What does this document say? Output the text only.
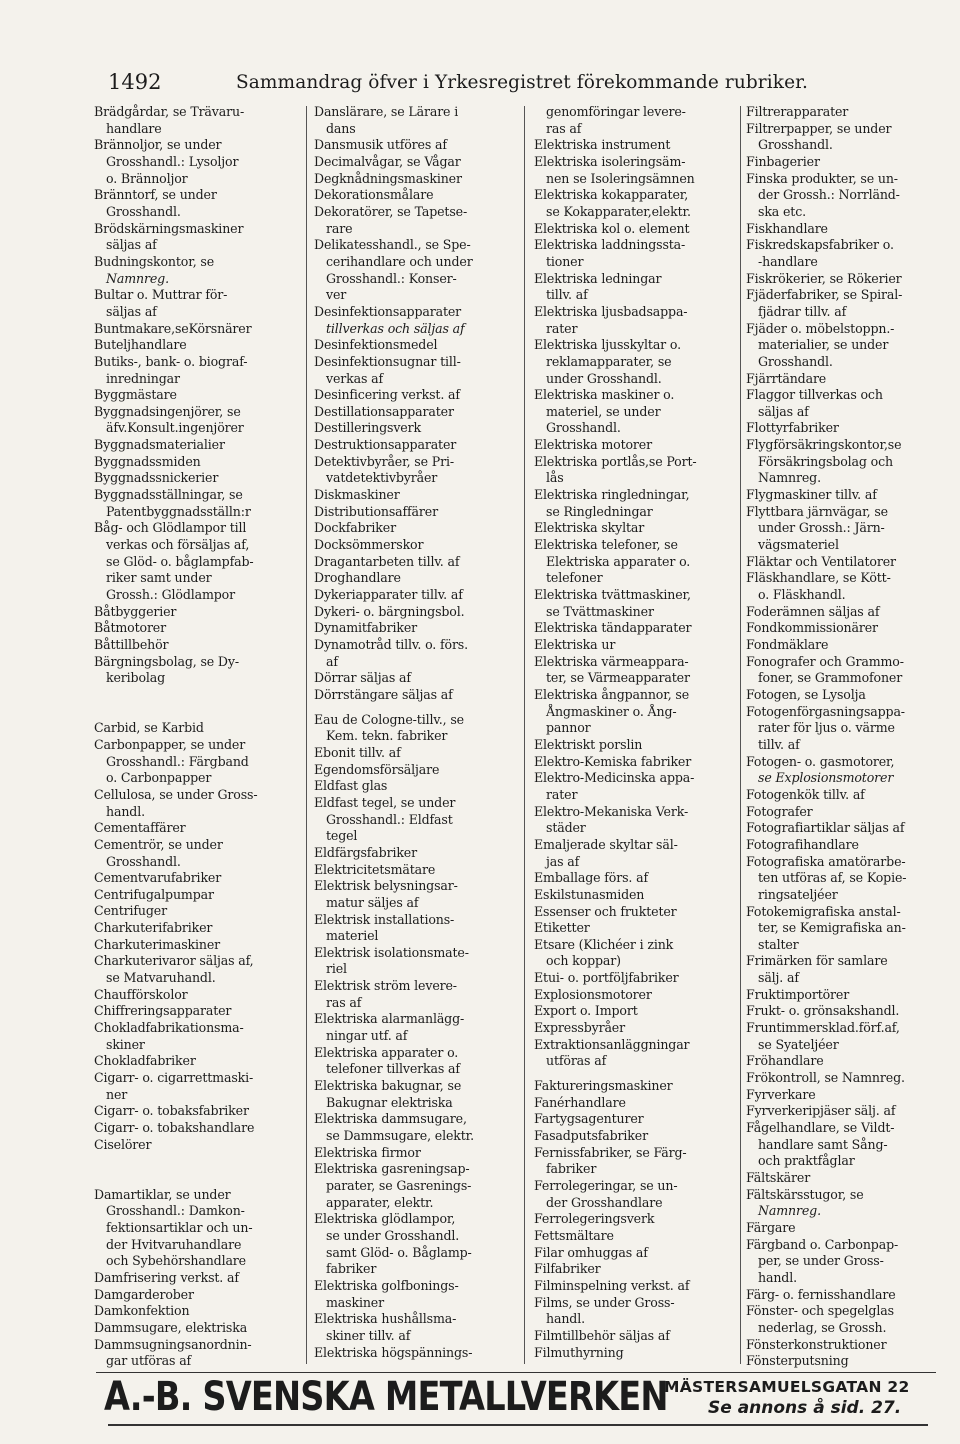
1492	Sammandrag öfver i Yrkesregistret förekommande rubriker.
Brädgårdar, se Trävaru-
handlare
Brännoljor, se under
Grosshandl.: Lysoljor
o. Brännoljor
Bränntorf, se under
Grosshandl.
Brödskärningsmaskiner
säljas af
Budningskontor, se
Namnreg.
Bultar o. Muttrar för-
säljas af
Buntmakare,seKörsnärer
Buteljhandlare
Butiks-, bank- o. biograf-
inredningar
Byggmästare
Byggnadsingenjörer, se
äfv.Konsult.ingenjörer
Byggnadsmaterialier
Byggnadssmiden
Byggnadssnickerier
Byggnadsställningar, se
Patentbyggnadsställn:r
Båg- och Glödlampor till
verkas och försäljas af,
se Glöd- o. båglampfab-
riker samt under
Grossh.: Glödlampor
Båtbyggerier
Båtmotorer
Båttillbehör
Bärgningsbolag, se Dy-
keribolag
Carbid, se Karbid
Carbonpapper, se under
Grosshandl.: Färgband
o. Carbonpapper
Cellulosa, se under Gross-
handl.
Cementaffärer
Cementrör, se under
Grosshandl.
Cementvarufabriker
Centrifugalpumpar
Centrifuger
Charkuterifabriker
Charkuterimaskiner
Charkuterivaror säljas af,
se Matvaruhandl.
Chaufförskolor
Chiffreringsapparater
Chokladfabrikationsma-
skiner
Chokladfabriker
Cigarr- o. cigarrettmaski-
ner
Cigarr- o. tobaksfabriker
Cigarr- o. tobakshandlare
Ciselörer
Damartiklar, se under
Grosshandl.: Damkon-
fektionsartiklar och un-
der Hvitvaruhandlare
och Sybehörshandlare
Damfrisering verkst. af
Damgarderober
Damkonfektion
Dammsugare, elektriska
Dammsugningsanordnin-
gar utföras af
Danslärare, se Lärare i
dans
Dansmusik utföres af
Decimalvågar, se Vågar
Degknådningsmaskiner
Dekorationsmålare
Dekoratörer, se Tapetse-
rare
Delikatesshandl., se Spe-
cerihandlare och under
Grosshandl.: Konser-
ver
Desinfektionsapparater
tillverkas och säljas af
Desinfektionsmedel
Desinfektionsugnar till-
verkas af
Desinficering verkst. af
Destillationsapparater
Destilleringsverk
Destruktionsapparater
Detektivbyråer, se Pri-
vatdetektivbyråer
Diskmaskiner
Distributionsaffärer
Dockfabriker
Docksömmerskor
Dragantarbeten tillv. af
Droghandlare
Dykeriapparater tillv. af
Dykeri- o. bärgningsbol.
Dynamitfabriker
Dynamotråd tillv. o. förs.
af
Dörrar säljas af
Dörrstängare säljas af
Eau de Cologne-tillv., se
Kem. tekn. fabriker
Ebonit tillv. af
Egendomsförsäljare
Eldfast glas
Eldfast tegel, se under
Grosshandl.: Eldfast
tegel
Eldfärgsfabriker
Elektricitetsmätare
Elektrisk belysningsar-
matur säljes af
Elektrisk installations-
materiel
Elektrisk isolationsmate-
riel
Elektrisk ström levere-
ras af
Elektriska alarmanlägg-
ningar utf. af
Elektriska apparater o.
telefoner tillverkas af
Elektriska bakugnar, se
Bakugnar elektriska
Elektriska dammsugare,
se Dammsugare, elektr.
Elektriska firmor
Elektriska gasreningsap-
parater, se Gasrenings-
apparater, elektr.
Elektriska glödlampor,
se under Grosshandl.
samt Glöd- o. Båglamp-
fabriker
Elektriska golfbonings-
maskiner
Elektriska hushållsma-
skiner tillv. af
Elektriska högspännings-
genomföringar levere-
ras af
Elektriska instrument
Elektriska isoleringsäm-
nen se Isoleringsämnen
Elektriska kokapparater,
se Kokapparater,elektr.
Elektriska kol o. element
Elektriska laddningssta-
tioner
Elektriska ledningar
tillv. af
Elektriska ljusbadsappa-
rater
Elektriska ljusskyltar o.
reklamapparater, se
under Grosshandl.
Elektriska maskiner o.
materiel, se under
Grosshandl.
Elektriska motorer
Elektriska portlås,se Port-
lås
Elektriska ringledningar,
se Ringledningar
Elektriska skyltar
Elektriska telefoner, se
Elektriska apparater o.
telefoner
Elektriska tvättmaskiner,
se Tvättmaskiner
Elektriska tändapparater
Elektriska ur
Elektriska värmeappara-
ter, se Värmeapparater
Elektriska ångpannor, se
Ångmaskiner o. Ång-
pannor
Elektriskt porslin
Elektro-Kemiska fabriker
Elektro-Medicinska appa-
rater
Elektro-Mekaniska Verk-
städer
Emaljerade skyltar säl-
jas af
Emballage förs. af
Eskilstunasmiden
Essenser och frukteter
Etiketter
Etsare (Klichéer i zink
och koppar)
Etui- o. portföljfabriker
Explosionsmotorer
Export o. Import
Expressbyråer
Extraktionsanläggningar
utföras af
Faktureringsmaskiner
Fanérhandlare
Fartygsagenturer
Fasadputsfabriker
Fernissfabriker, se Färg-
fabriker
Ferrolegeringar, se un-
der Grosshandlare
Ferrolegeringsverk
Fettsmältare
Filar omhuggas af
Filfabriker
Filminspelning verkst. af
Films, se under Gross-
handl.
Filmtillbehör säljas af
Filmuthyrning
Filtrerapparater
Filtrerpapper, se under
Grosshandl.
Finbagerier
Finska produkter, se un-
der Grossh.: Norrländ-
ska etc.
Fiskhandlare
Fiskredskapsfabriker o.
-handlare
Fiskrökerier, se Rökerier
Fjäderfabriker, se Spiral-
fjädrar tillv. af
Fjäder o. möbelstoppn.-
materialier, se under
Grosshandl.
Fjärrtändare
Flaggor tillverkas och
säljas af
Flottyrfabriker
Flygförsäkringskontor,se
Försäkringsbolag och
Namnreg.
Flygmaskiner tillv. af
Flyttbara järnvägar, se
under Grossh.: Järn-
vägsmateriel
Fläktar och Ventilatorer
Fläskhandlare, se Kött-
o. Fläskhandl.
Foderämnen säljas af
Fondkommissionärer
Fondmäklare
Fonografer och Grammo-
foner, se Grammofoner
Fotogen, se Lysolja
Fotogenförgasningsappa-
rater för ljus o. värme
tillv. af
Fotogen- o. gasmotorer,
se Explosionsmotorer
Fotogenkök tillv. af
Fotografer
Fotografiartiklar säljas af
Fotografihandlare
Fotografiska amatörarbe-
ten utföras af, se Kopie-
ringsateljéer
Fotokemigrafiska anstal-
ter, se Kemigrafiska an-
stalter
Frimärken för samlare
sälj. af
Fruktimportörer
Frukt- o. grönsakshandl.
Fruntimmersklad.förf.af,
se Syateljéer
Fröhandlare
Frökontroll, se Namnreg.
Fyrverkare
Fyrverkeripjäser sälj. af
Fågelhandlare, se Vildt-
handlare samt Sång-
och praktfåglar
Fältskärer
Fältskärsstugor, se
Namnreg.
Färgare
Färgband o. Carbonpap-
per, se under Gross-
handl.
Färg- o. fernisshandlare
Fönster- och spegelglas
nederlag, se Grossh.
Fönsterkonstruktioner
Fönsterputsning
A.-B. SVENSKA METALLVERKEN
MÄSTERSAMUELSGATAN 22
Se annons å sid. 27.
